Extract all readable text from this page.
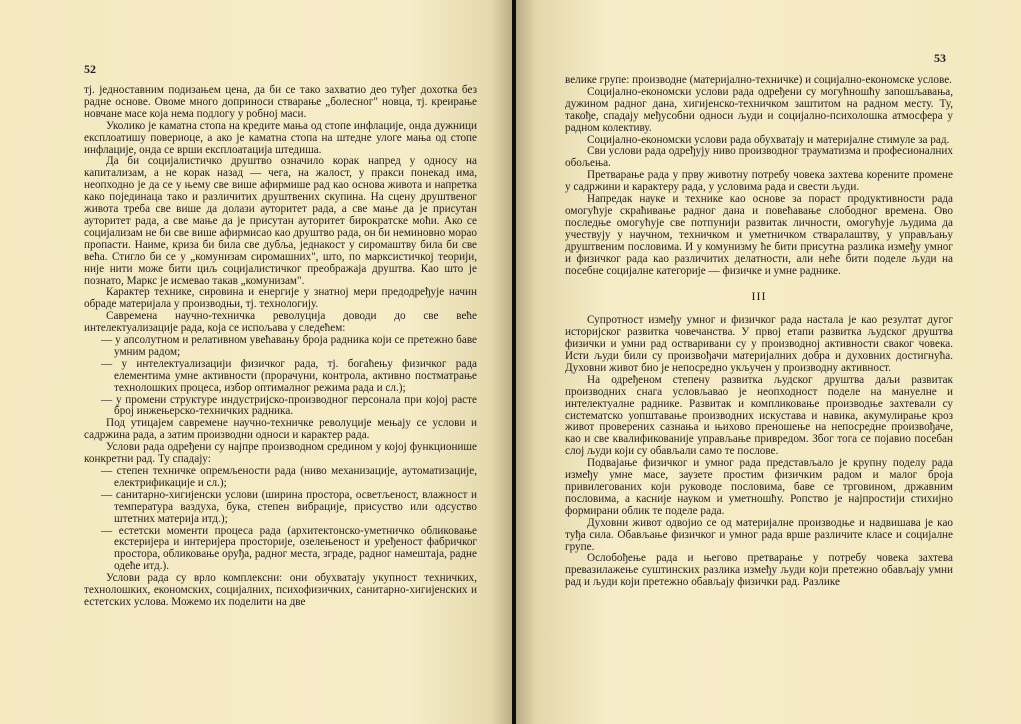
52

тј. једноставним подизањем цена, да би се тако захватио део туђег дохотка без радне основе. Овоме много доприноси стварање „болесног" новца, тј. креирање новчане масе која нема подлогу у робној маси.

Уколико је каматна стопа на кредите мања од стопе инфлације, онда дужници експлоатишу повериоце, а ако је каматна стопа на штедне улоге мања од стопе инфлације, онда се врши експлоатација штедиша.

Да би социјалистичко друштво означило корак напред у односу на капитализам, а не корак назад — чега, на жалост, у пракси понекад има, неопходно је да се у њему све више афирмише рад као основа живота и напретка како појединаца тако и различитих друштвених скупина. На сцену друштвеног живота треба све више да долази ауторитет рада, а све мање да је присутан ауторитет рада, а све мање да је присутан ауторитет бирократске моћи. Ако се социјализам не би све више афирмисао као друштво рада, он би неминовно морао пропасти. Наиме, криза би била све дубља, једнакост у сиромаштву била би све већа. Стигло би се у „комунизам сиромашних", што, по марксистичкој теорији, није нити може бити циљ социјалистичког преображаја друштва. Као што је познато, Маркс је исмевао такав „комунизам".

Карактер технике, сировина и енергије у знатној мери предодређује начин обраде материјала у производњи, тј. технологију.

Савремена научно-техничка револуција доводи до све веће интелектуализације рада, која се испољава у следећем:

— у апсолутном и релативном увећавању броја радника који се претежно баве умним радом;
— у интелектуализацији физичког рада, тј. богаћењу физичког рада елементима умне активности (прорачуни, контрола, активно постматрање технолошких процеса, избор оптималног режима рада и сл.);
— у промени структуре индустријско-производног персонала при којој расте број инжењерско-техничких радника.

Под утицајем савремене научно-техничке револуције мењају се услови и садржина рада, а затим производни односи и карактер рада.

Услови рада одређени су најпре производном средином у којој функционише конкретни рад. Ту спадају:

— степен техничке опремљености рада (ниво механизације, аутоматизације, електрификације и сл.);
— санитарно-хигијенски услови (ширина простора, осветљеност, влажност и температура ваздуха, бука, степен вибрације, присуство или одсуство штетних материја итд.);
— естетски моменти процеса рада (архитектонско-уметничко обликовање екстеријера и интеријера просторије, озелењеност и уређеност фабричког простора, обликовање оруђа, радног места, зграде, радног намештаја, радне одеће итд.).

Услови рада су врло комплексни: они обухватају укупност техничких, технолошких, економских, социјалних, психофизичких, санитарно-хигијенских и естетских услова. Можемо их поделити на две

53

велике групе: производне (материјално-техничке) и социјално-економске услове.

Социјално-економски услови рада одређени су могућношћу запошљавања, дужином радног дана, хигијенско-техничком заштитом на радном месту. Ту, такође, спадају међусобни односи људи и социјално-психолошка атмосфера у радном колективу.

Социјално-економски услови рада обухватају и материјалне стимуле за рад.

Сви услови рада одређују ниво производног трауматизма и професионалних обољења.

Претварање рада у прву животну потребу човека захтева корените промене у садржини и карактеру рада, у условима рада и свести људи.

Напредак науке и технике као основе за пораст продуктивности рада омогућује скраћивање радног дана и повећавање слободног времена. Ово последње омогућује све потпунији развитак личности, омогућује људима да учествују у научном, техничком и уметничком стваралаштву, у управљању друштвеним пословима. И у комунизму ће бити присутна разлика између умног и физичког рада као различитих делатности, али неће бити поделе људи на посебне социјалне категорије — физичке и умне раднике.

III

Супротност између умног и физичког рада настала је као резултат дугог историјског развитка човечанства. У првој етапи развитка људског друштва физички и умни рад остваривани су у производној активности сваког човека. Исти људи били су произвођачи материјалних добра и духовних достигнућа. Духовни живот био је непосредно укључен у производну активност.

На одређеном степену развитка људског друштва даљи развитак производних снага условљавао је неопходност поделе на мануелне и интелектуалне раднике. Развитак и компликовање производње захтевали су систематско уопштавање производних искустава и навика, акумулирање кроз живот проверених сазнања и њихово преношење на непосредне произвођаче, као и све квалификованије управљање привредом. Због тога се појавио посебан слој људи који су обављали само те послове.

Подвајање физичког и умног рада представљало је крупну поделу рада између умне масе, заузете простим физичким радом и малог броја привилегованих који руководе пословима, баве се трговином, државним пословима, а касније науком и уметношћу. Ропство је најпростији стихијно формирани облик те поделе рада.

Духовни живот одвојио се од материјалне производње и надвишава је као туђа сила. Обављање физичког и умног рада врше различите класе и социјалне групе.

Ослобођење рада и његово претварање у потребу човека захтева превазилажење суштинских разлика између људи који претежно обављају умни рад и људи који претежно обављају физички рад. Разлике
